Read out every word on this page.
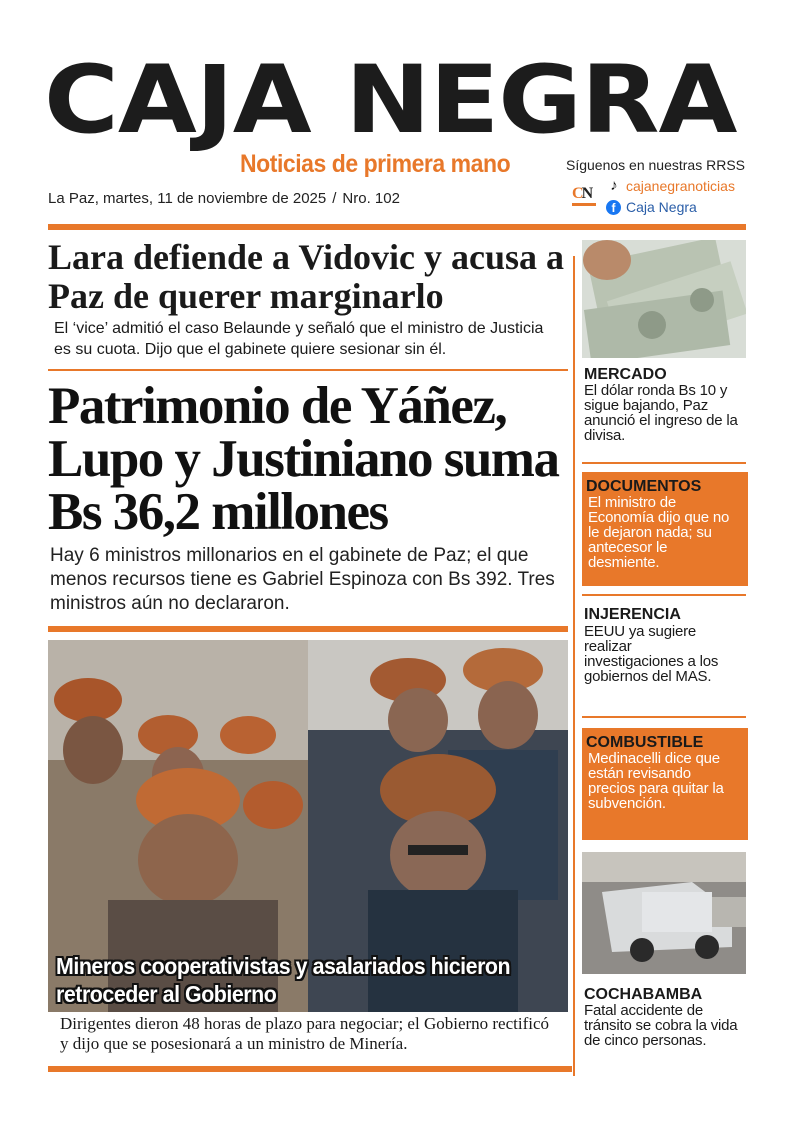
CAJA NEGRA
Noticias de primera mano
La Paz, martes, 11 de noviembre de 2025 / Nro. 102
Síguenos en nuestras RRSS
CN	♪ cajanegranoticias
f Caja Negra
Lara defiende a Vidovic y acusa a Paz de querer marginarlo

El ‘vice’ admitió el caso Belaunde y señaló que el ministro de Justicia es su cuota. Dijo que el gabinete quiere sesionar sin él.

Patrimonio de Yáñez, Lupo y Justiniano suma Bs 36,2 millones

Hay 6 ministros millonarios en el gabinete de Paz; el que menos recursos tiene es Gabriel Espinoza con Bs 392. Tres ministros aún no declararon.

Mineros cooperativistas y asalariados hicieron retroceder al Gobierno
Dirigentes dieron 48 horas de plazo para negociar; el Gobierno rectificó y dijo que se posesionará a un ministro de Minería.
MERCADO
El dólar ronda Bs 10 y sigue bajando, Paz anunció el ingreso de la divisa.
DOCUMENTOS
El ministro de Economía dijo que no le dejaron nada; su antecesor le desmiente.
INJERENCIA
EEUU ya sugiere realizar investigaciones a los gobiernos del MAS.
COMBUSTIBLE
Medinacelli dice que están revisando precios para quitar la subvención.
COCHABAMBA
Fatal accidente de tránsito se cobra la vida de cinco personas.
